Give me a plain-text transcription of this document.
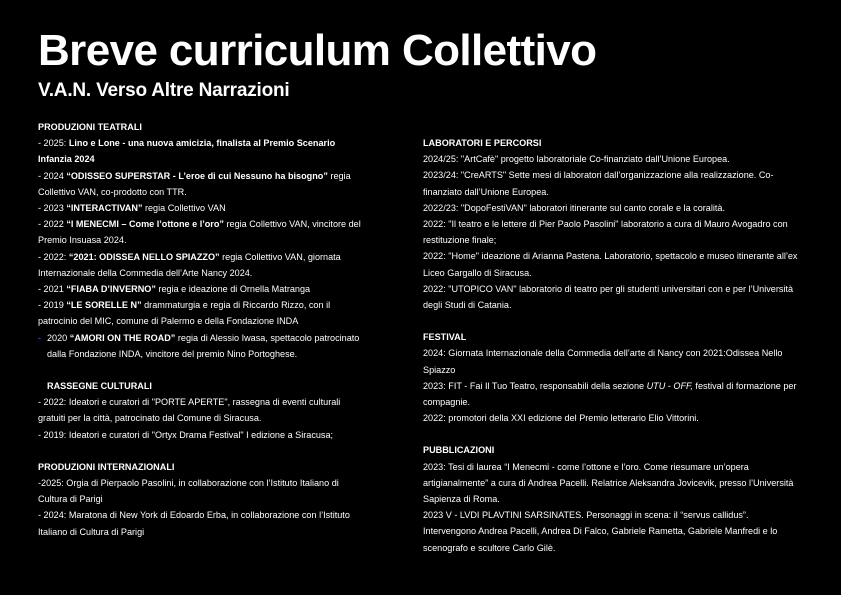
Breve curriculum Collettivo
V.A.N. Verso Altre Narrazioni

PRODUZIONI TEATRALI

- 2025: Lino e Lone - una nuova amicizia, finalista al Premio Scenario Infanzia 2024

- 2024 “ODISSEO SUPERSTAR - L’eroe di cui Nessuno ha bisogno” regia Collettivo VAN, co-prodotto con TTR.

- 2023 “INTERACTIVAN” regia Collettivo VAN

- 2022 “I MENECMI – Come l’ottone e l’oro” regia Collettivo VAN, vincitore del Premio Insuasa 2024.

- 2022: “2021: ODISSEA NELLO SPIAZZO” regia Collettivo VAN, giornata Internazionale della Commedia dell’Arte Nancy 2024.

- 2021 “FIABA D’INVERNO” regia e ideazione di Ornella Matranga

- 2019 “LE SORELLE N” drammaturgia e regia di Riccardo Rizzo, con il patrocinio del MIC, comune di Palermo e della Fondazione INDA

- 2020 “AMORI ON THE ROAD” regia di Alessio Iwasa, spettacolo patrocinato dalla Fondazione INDA, vincitore del premio Nino Portoghese.

RASSEGNE CULTURALI

- 2022: Ideatori e curatori di "PORTE APERTE", rassegna di eventi culturali gratuiti per la città, patrocinato dal Comune di Siracusa.

- 2019: Ideatori e curatori di "Ortyx Drama Festival" I edizione a Siracusa;

PRODUZIONI INTERNAZIONALI

-2025: Orgia di Pierpaolo Pasolini, in collaborazione con l’Istituto Italiano di Cultura di Parigi

- 2024: Maratona di New York di Edoardo Erba, in collaborazione con l’Istituto Italiano di Cultura di Parigi

LABORATORI E PERCORSI

2024/25: "ArtCafè" progetto laboratoriale Co-finanziato dall’Unione Europea.

2023/24: "CreARTS" Sette mesi di laboratori dall’organizzazione alla realizzazione. Co-finanziato dall’Unione Europea.

2022/23: "DopoFestiVAN" laboratori itinerante sul canto corale e la coralità.

2022: "Il teatro e le lettere di Pier Paolo Pasolini" laboratorio a cura di Mauro Avogadro con restituzione finale;

2022: "Home" ideazione di Arianna Pastena. Laboratorio, spettacolo e museo itinerante all’ex Liceo Gargallo di Siracusa.

2022: "UTOPICO VAN" laboratorio di teatro per gli studenti universitari con e per l’Università degli Studi di Catania.

FESTIVAL

2024: Giornata Internazionale della Commedia dell’arte di Nancy con 2021:Odissea Nello Spiazzo

2023: FIT - Fai Il Tuo Teatro, responsabili della sezione UTU - OFF, festival di formazione per compagnie.

2022: promotori della XXI edizione del Premio letterario Elio Vittorini.

PUBBLICAZIONI

2023: Tesi di laurea “I Menecmi - come l’ottone e l’oro. Come riesumare un’opera artigianalmente” a cura di Andrea Pacelli. Relatrice Aleksandra Jovicevik, presso l’Università Sapienza di Roma.

2023 V - LVDI PLAVTINI SARSINATES. Personaggi in scena: il “servus callidus”. Intervengono Andrea Pacelli, Andrea Di Falco, Gabriele Rametta, Gabriele Manfredi e lo scenografo e scultore Carlo Gilè.
